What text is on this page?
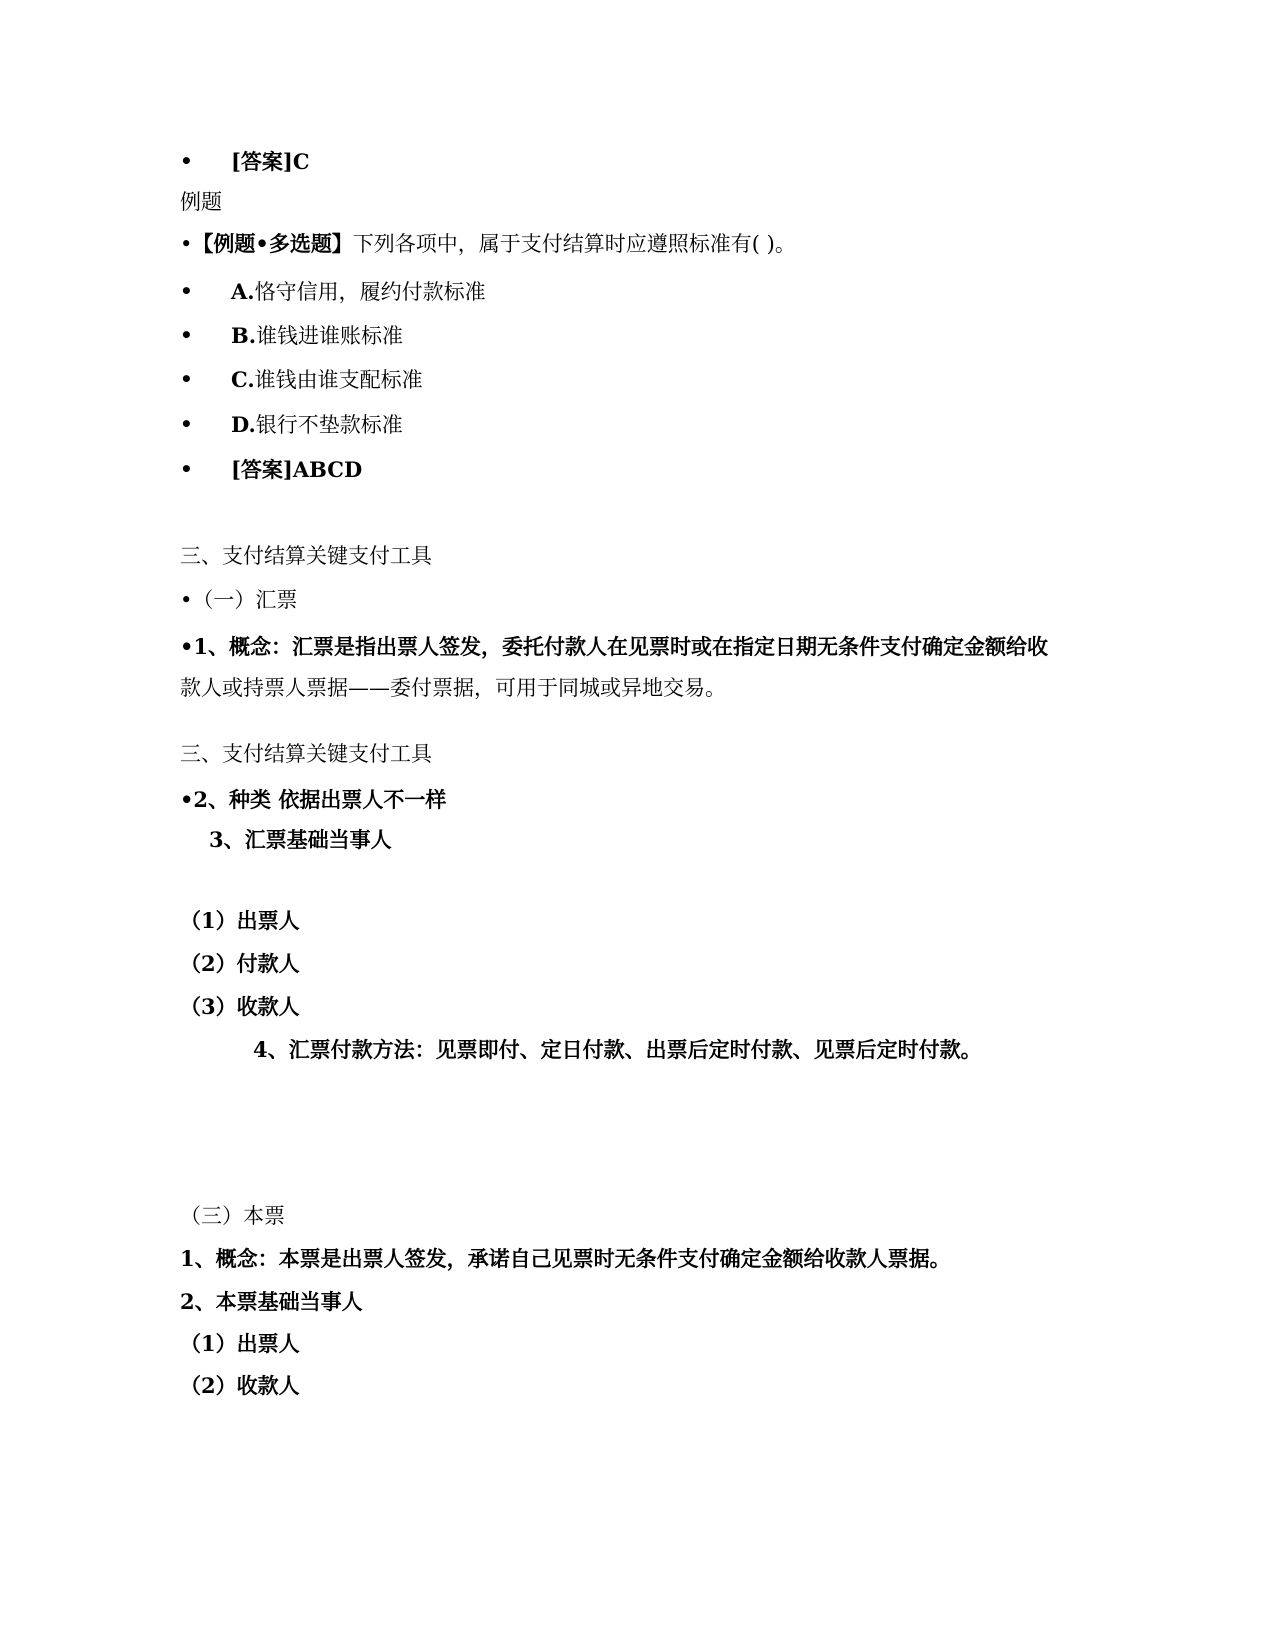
• [答案]C
例题
•【例题•多选题】下列各项中，属于支付结算时应遵照标准有( )。
• A.恪守信用，履约付款标准
• B.谁钱进谁账标准
• C.谁钱由谁支配标准
• D.银行不垫款标准
• [答案]ABCD
三、支付结算关键支付工具
•（一）汇票
•1、概念：汇票是指出票人签发，委托付款人在见票时或在指定日期无条件支付确定金额给收
款人或持票人票据——委付票据，可用于同城或异地交易。
三、支付结算关键支付工具
•2、种类 依据出票人不一样
3、汇票基础当事人
（1）出票人
（2）付款人
（3）收款人
4、汇票付款方法：见票即付、定日付款、出票后定时付款、见票后定时付款。
（三）本票
1、概念：本票是出票人签发，承诺自己见票时无条件支付确定金额给收款人票据。
2、本票基础当事人
（1）出票人
（2）收款人
